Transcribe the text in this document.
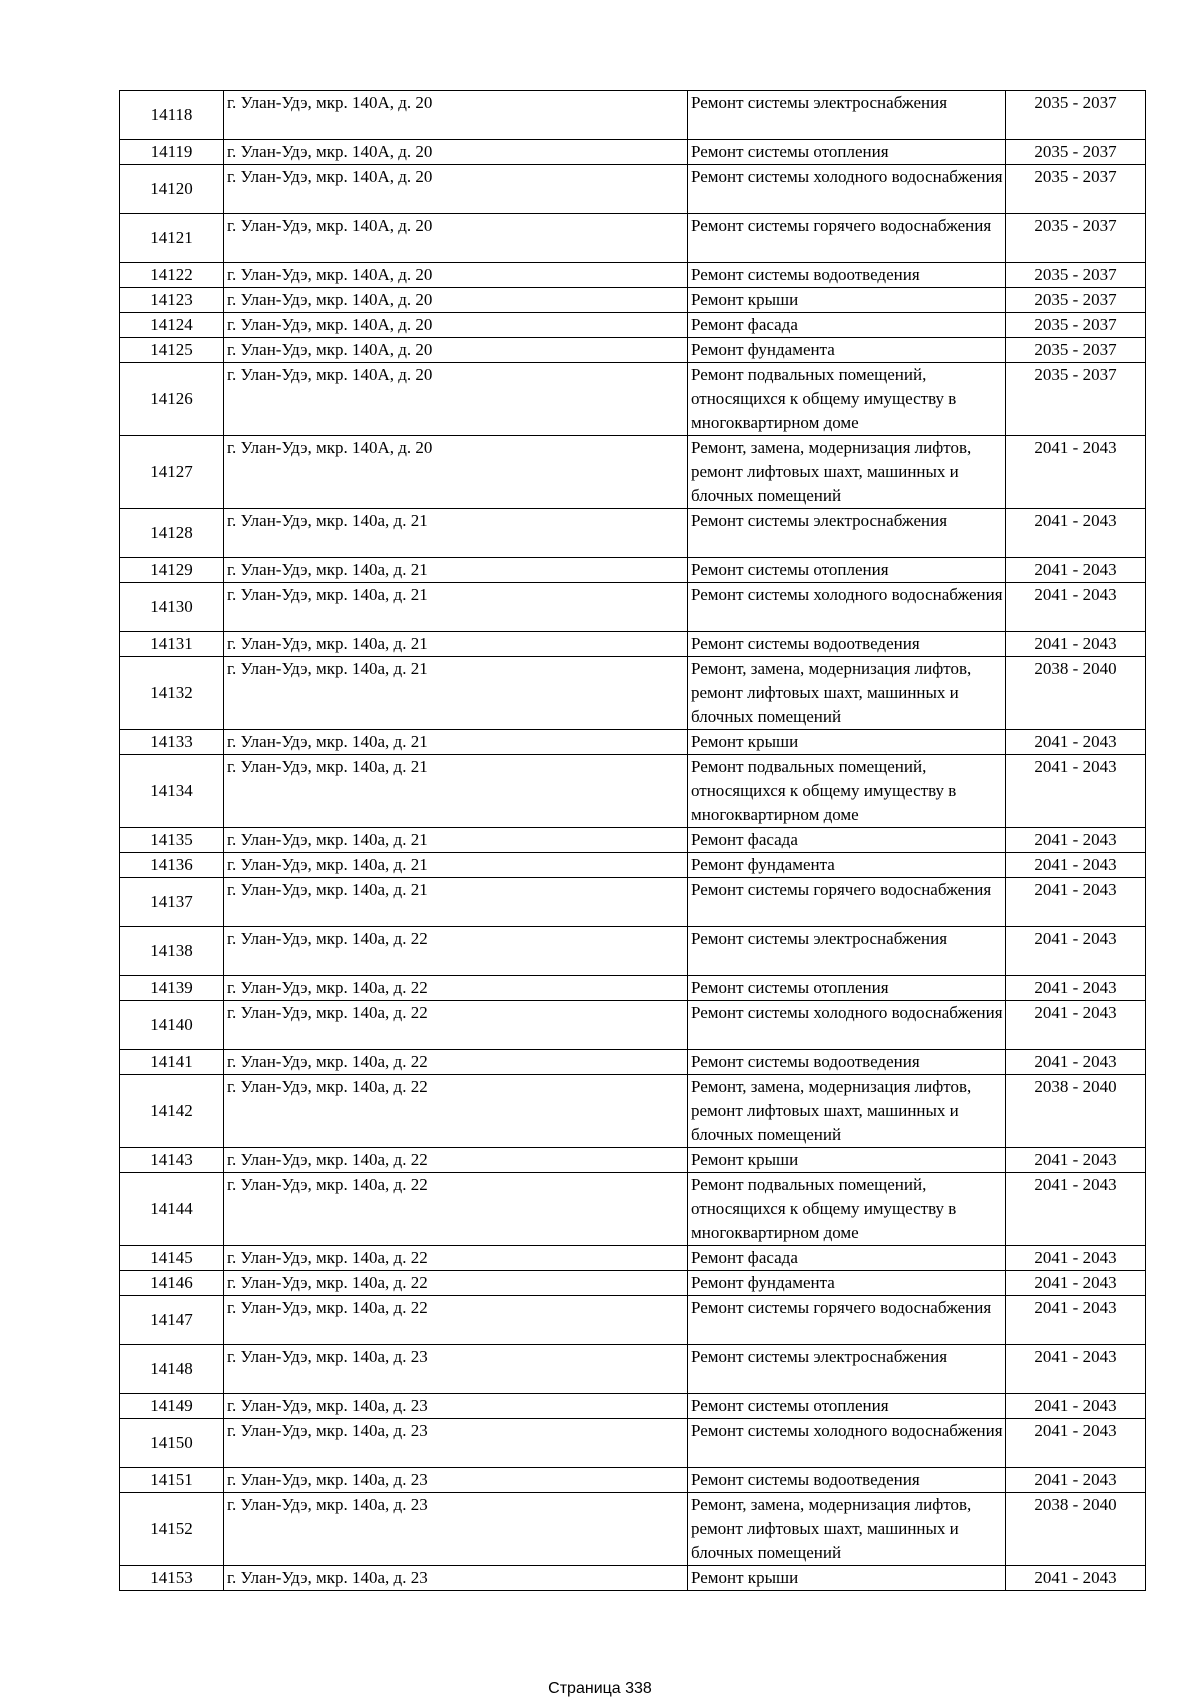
14118	г. Улан-Удэ, мкр. 140А, д. 20	Ремонт системы электроснабжения	2035 - 2037
14119	г. Улан-Удэ, мкр. 140А, д. 20	Ремонт системы отопления	2035 - 2037
14120	г. Улан-Удэ, мкр. 140А, д. 20	Ремонт системы холодного водоснабжения	2035 - 2037
14121	г. Улан-Удэ, мкр. 140А, д. 20	Ремонт системы горячего водоснабжения	2035 - 2037
14122	г. Улан-Удэ, мкр. 140А, д. 20	Ремонт системы водоотведения	2035 - 2037
14123	г. Улан-Удэ, мкр. 140А, д. 20	Ремонт крыши	2035 - 2037
14124	г. Улан-Удэ, мкр. 140А, д. 20	Ремонт фасада	2035 - 2037
14125	г. Улан-Удэ, мкр. 140А, д. 20	Ремонт фундамента	2035 - 2037
14126	г. Улан-Удэ, мкр. 140А, д. 20	Ремонт подвальных помещений, относящихся к общему имуществу в многоквартирном доме	2035 - 2037
14127	г. Улан-Удэ, мкр. 140А, д. 20	Ремонт, замена, модернизация лифтов, ремонт лифтовых шахт, машинных и блочных помещений	2041 - 2043
14128	г. Улан-Удэ, мкр. 140а, д. 21	Ремонт системы электроснабжения	2041 - 2043
14129	г. Улан-Удэ, мкр. 140а, д. 21	Ремонт системы отопления	2041 - 2043
14130	г. Улан-Удэ, мкр. 140а, д. 21	Ремонт системы холодного водоснабжения	2041 - 2043
14131	г. Улан-Удэ, мкр. 140а, д. 21	Ремонт системы водоотведения	2041 - 2043
14132	г. Улан-Удэ, мкр. 140а, д. 21	Ремонт, замена, модернизация лифтов, ремонт лифтовых шахт, машинных и блочных помещений	2038 - 2040
14133	г. Улан-Удэ, мкр. 140а, д. 21	Ремонт крыши	2041 - 2043
14134	г. Улан-Удэ, мкр. 140а, д. 21	Ремонт подвальных помещений, относящихся к общему имуществу в многоквартирном доме	2041 - 2043
14135	г. Улан-Удэ, мкр. 140а, д. 21	Ремонт фасада	2041 - 2043
14136	г. Улан-Удэ, мкр. 140а, д. 21	Ремонт фундамента	2041 - 2043
14137	г. Улан-Удэ, мкр. 140а, д. 21	Ремонт системы горячего водоснабжения	2041 - 2043
14138	г. Улан-Удэ, мкр. 140а, д. 22	Ремонт системы электроснабжения	2041 - 2043
14139	г. Улан-Удэ, мкр. 140а, д. 22	Ремонт системы отопления	2041 - 2043
14140	г. Улан-Удэ, мкр. 140а, д. 22	Ремонт системы холодного водоснабжения	2041 - 2043
14141	г. Улан-Удэ, мкр. 140а, д. 22	Ремонт системы водоотведения	2041 - 2043
14142	г. Улан-Удэ, мкр. 140а, д. 22	Ремонт, замена, модернизация лифтов, ремонт лифтовых шахт, машинных и блочных помещений	2038 - 2040
14143	г. Улан-Удэ, мкр. 140а, д. 22	Ремонт крыши	2041 - 2043
14144	г. Улан-Удэ, мкр. 140а, д. 22	Ремонт подвальных помещений, относящихся к общему имуществу в многоквартирном доме	2041 - 2043
14145	г. Улан-Удэ, мкр. 140а, д. 22	Ремонт фасада	2041 - 2043
14146	г. Улан-Удэ, мкр. 140а, д. 22	Ремонт фундамента	2041 - 2043
14147	г. Улан-Удэ, мкр. 140а, д. 22	Ремонт системы горячего водоснабжения	2041 - 2043
14148	г. Улан-Удэ, мкр. 140а, д. 23	Ремонт системы электроснабжения	2041 - 2043
14149	г. Улан-Удэ, мкр. 140а, д. 23	Ремонт системы отопления	2041 - 2043
14150	г. Улан-Удэ, мкр. 140а, д. 23	Ремонт системы холодного водоснабжения	2041 - 2043
14151	г. Улан-Удэ, мкр. 140а, д. 23	Ремонт системы водоотведения	2041 - 2043
14152	г. Улан-Удэ, мкр. 140а, д. 23	Ремонт, замена, модернизация лифтов, ремонт лифтовых шахт, машинных и блочных помещений	2038 - 2040
14153	г. Улан-Удэ, мкр. 140а, д. 23	Ремонт крыши	2041 - 2043
Страница 338
